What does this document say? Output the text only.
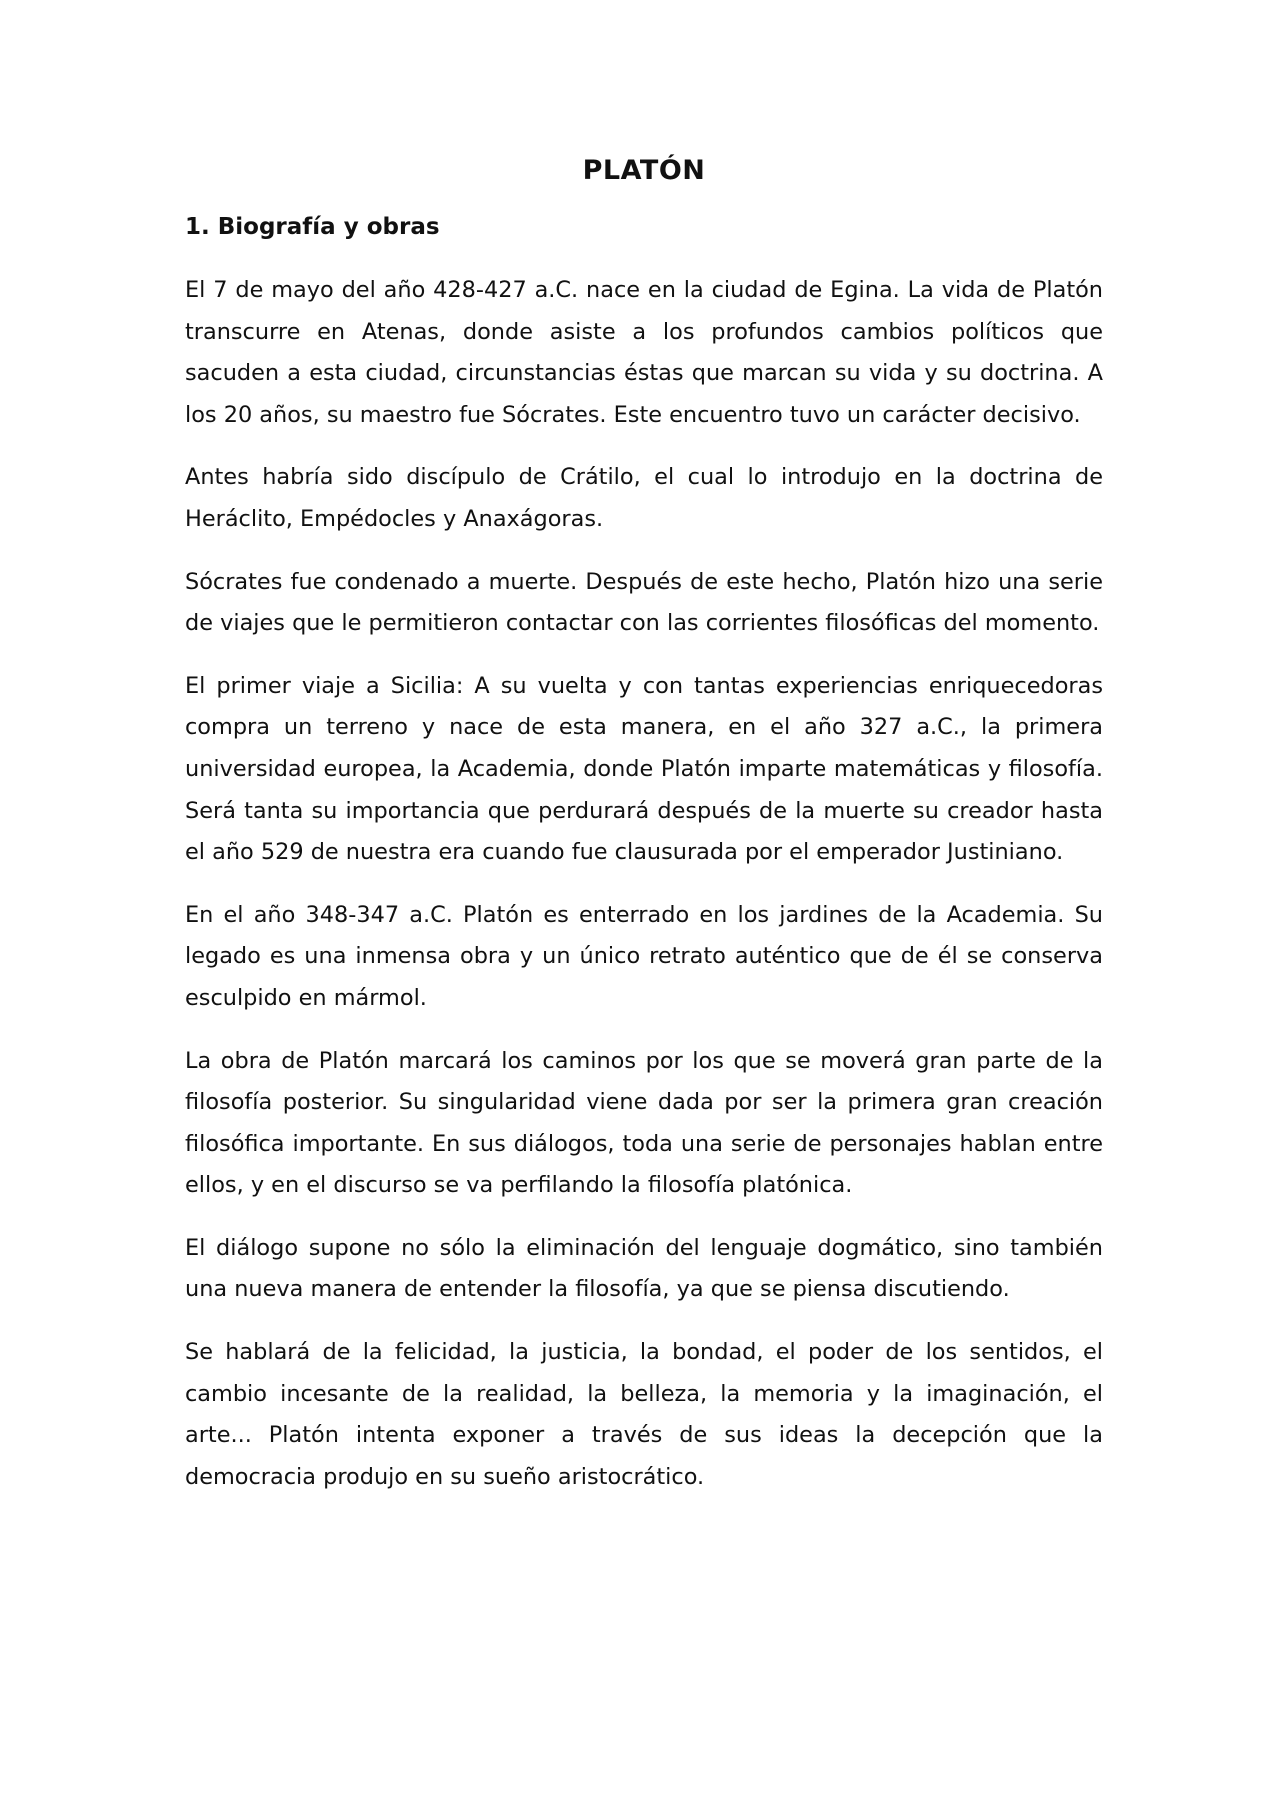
PLATÓN
1. Biografía y obras

El 7 de mayo del año 428-427 a.C. nace en la ciudad de Egina. La vida de Platón transcurre en Atenas, donde asiste a los profundos cambios políticos que sacuden a esta ciudad, circunstancias éstas que marcan su vida y su doctrina. A los 20 años, su maestro fue Sócrates. Este encuentro tuvo un carácter decisivo.

Antes habría sido discípulo de Crátilo, el cual lo introdujo en la doctrina de Heráclito, Empédocles y Anaxágoras.

Sócrates fue condenado a muerte. Después de este hecho, Platón hizo una serie de viajes que le permitieron contactar con las corrientes filosóficas del momento.

El primer viaje a Sicilia: A su vuelta y con tantas experiencias enriquecedoras compra un terreno y nace de esta manera, en el año 327 a.C., la primera universidad europea, la Academia, donde Platón imparte matemáticas y filosofía. Será tanta su importancia que perdurará después de la muerte su creador hasta el año 529 de nuestra era cuando fue clausurada por el emperador Justiniano.

En el año 348-347 a.C. Platón es enterrado en los jardines de la Academia. Su legado es una inmensa obra y un único retrato auténtico que de él se conserva esculpido en mármol.

La obra de Platón marcará los caminos por los que se moverá gran parte de la filosofía posterior. Su singularidad viene dada por ser la primera gran creación filosófica importante. En sus diálogos, toda una serie de personajes hablan entre ellos, y en el discurso se va perfilando la filosofía platónica.

El diálogo supone no sólo la eliminación del lenguaje dogmático, sino también una nueva manera de entender la filosofía, ya que se piensa discutiendo.

Se hablará de la felicidad, la justicia, la bondad, el poder de los sentidos, el cambio incesante de la realidad, la belleza, la memoria y la imaginación, el arte... Platón intenta exponer a través de sus ideas la decepción que la democracia produjo en su sueño aristocrático.
